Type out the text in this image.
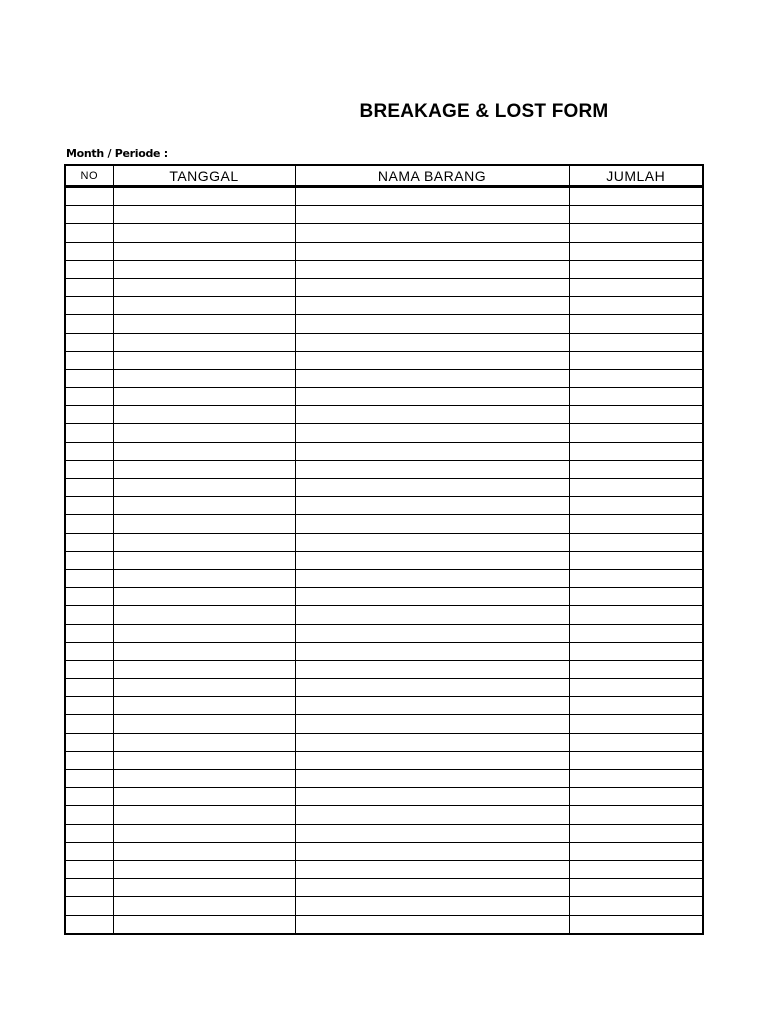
BREAKAGE & LOST FORM
Month / Periode :
NO	TANGGAL	NAMA BARANG	JUMLAH
